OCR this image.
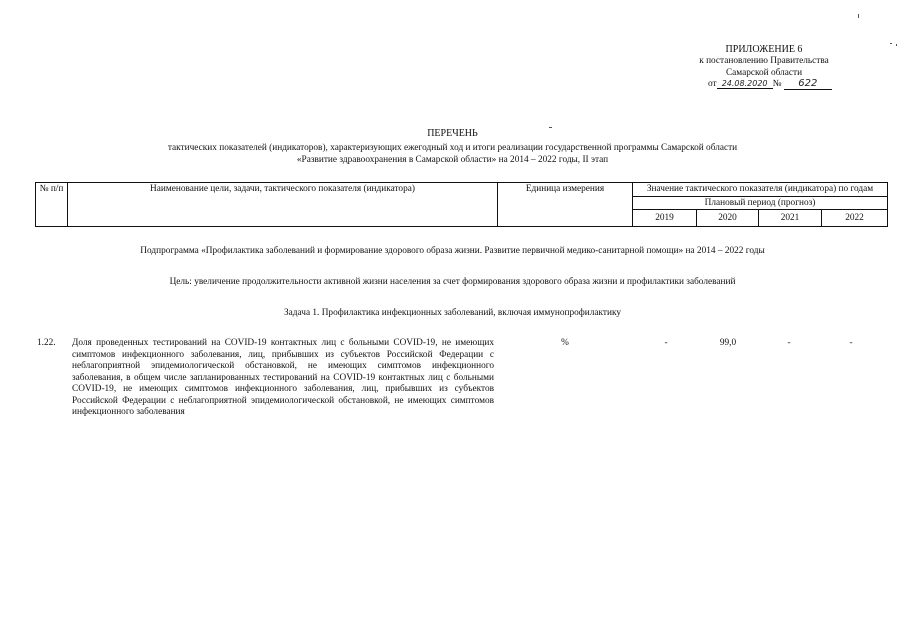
ПРИЛОЖЕНИЕ 6
к постановлению Правительства
Самарской области
от 24.08.2020 № 622
ПЕРЕЧЕНЬ
тактических показателей (индикаторов), характеризующих ежегодный ход и итоги реализации государственной программы Самарской области
«Развитие здравоохранения в Самарской области» на 2014 – 2022 годы, II этап
№ п/п	Наименование цели, задачи, тактического показателя (индикатора)	Единица измерения	Значение тактического показателя (индикатора) по годам			
			Плановый период (прогноз)			
			2019	2020	2021	2022
Подпрограмма «Профилактика заболеваний и формирование здорового образа жизни. Развитие первичной медико-санитарной помощи» на 2014 – 2022 годы
Цель: увеличение продолжительности активной жизни населения за счет формирования здорового образа жизни и профилактики заболеваний
Задача 1. Профилактика инфекционных заболеваний, включая иммунопрофилактику
1.22. Доля проведенных тестирований на COVID-19 контактных лиц с больными COVID-19, не имеющих симптомов инфекционного заболевания, лиц, прибывших из субъектов Российской Федерации с неблагоприятной эпидемиологической обстановкой, не имеющих симптомов инфекционного заболевания, в общем числе запланированных тестирований на COVID-19 контактных лиц с больными COVID-19, не имеющих симптомов инфекционного заболевания, лиц, прибывших из субъектов Российской Федерации с неблагоприятной эпидемиологической обстановкой, не имеющих симптомов инфекционного заболевания
%	-	99,0	-	-
